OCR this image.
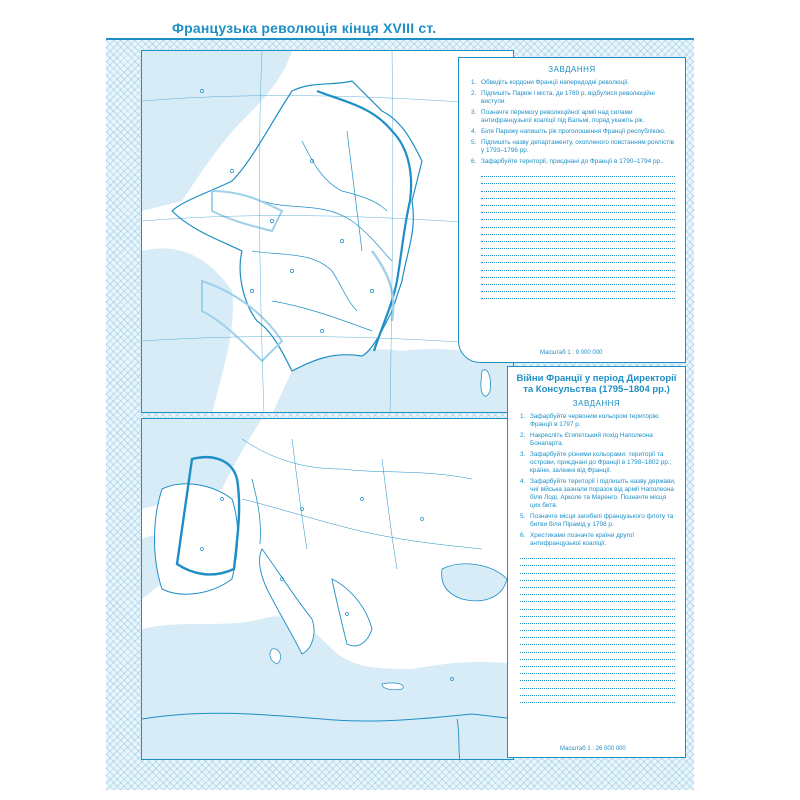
Французька революція кінця XVIII ст.
ЗАВДАННЯ
1. Обведіть кордони Франції напередодні революції.
2. Підпишіть Париж і міста, де 1789 р. відбулися революційні виступи.
3. Позначте перемогу революційної армії над силами антифранцузької коаліції під Вальмі, поряд укажіть рік.
4. Біля Парижу напишіть рік проголошення Франції республікою.
5. Підпишіть назву департаменту, охопленого повстанням роялістів у 1793–1796 рр.
6. Зафарбуйте території, приєднані до Франції в 1790–1794 рр..
Масштаб 1 : 9 000 000
Війни Франції у період Директорії та Консульства (1795–1804 рр.)
ЗАВДАННЯ
1. Зафарбуйте червоним кольором територію Франції в 1797 р.
2. Накресліть Єгипетський похід Наполеона Бонапарта.
3. Зафарбуйте різними кольорами: території та острови, приєднані до Франції в 1798–1802 рр.; країни, залежні від Франції.
4. Зафарбуйте території і підпишіть назву держави, чиї війська зазнали поразок від армії Наполеона біля Лоді, Арколе та Маренго. Позначте місця цих битв.
5. Позначте місця загибелі французького флоту та битви біля Пірамід у 1798 р.
6. Хрестиками позначте країни другої антифранцузької коаліції.
Масштаб 1 : 26 000 000
